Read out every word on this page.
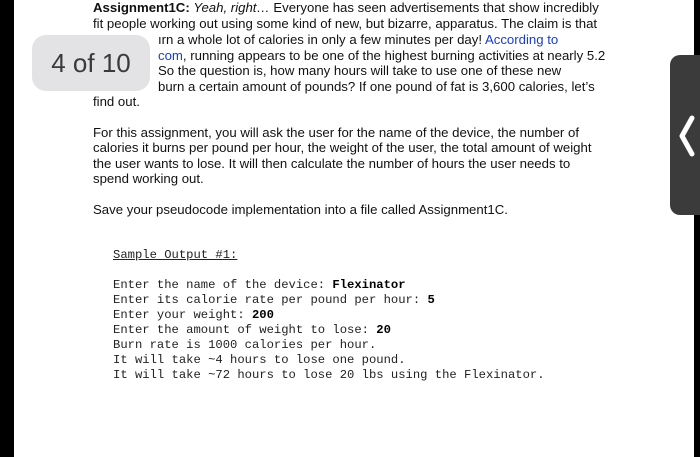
Assignment1C: Yeah, right… Everyone has seen advertisements that show incredibly

fit people working out using some kind of new, but bizarre, apparatus. The claim is that

ırn a whole lot of calories in only a few minutes per day! According to

com, running appears to be one of the highest burning activities at nearly 5.2

So the question is, how many hours will take to use one of these new

burn a certain amount of pounds? If one pound of fat is 3,600 calories, let’s

find out.

For this assignment, you will ask the user for the name of the device, the number of

calories it burns per pound per hour, the weight of the user, the total amount of weight

the user wants to lose. It will then calculate the number of hours the user needs to

spend working out.

Save your pseudocode implementation into a file called Assignment1C.

Sample Output #1:

Enter the name of the device: Flexinator

Enter its calorie rate per pound per hour: 5

Enter your weight: 200

Enter the amount of weight to lose: 20

Burn rate is 1000 calories per hour.

It will take ~4 hours to lose one pound.

It will take ~72 hours to lose 20 lbs using the Flexinator.

4 of 10
